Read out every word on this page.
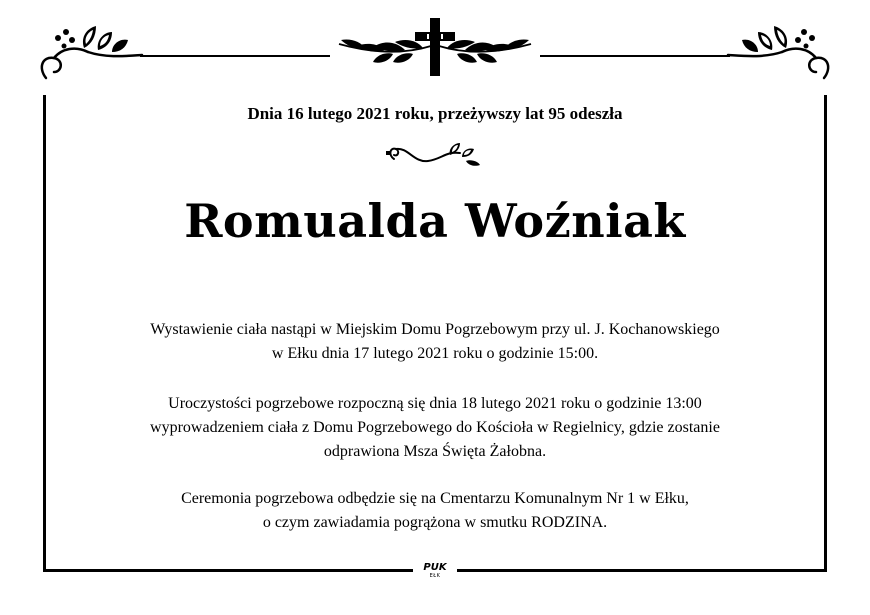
Dnia 16 lutego 2021 roku, przeżywszy lat 95 odeszła
Romualda Woźniak
Wystawienie ciała nastąpi w Miejskim Domu Pogrzebowym przy ul. J. Kochanowskiego
w Ełku dnia 17 lutego 2021 roku o godzinie 15:00.
Uroczystości pogrzebowe rozpoczną się dnia 18 lutego 2021 roku o godzinie 13:00
wyprowadzeniem ciała z Domu Pogrzebowego do Kościoła w Regielnicy, gdzie zostanie
odprawiona Msza Święta Żałobna.
Ceremonia pogrzebowa odbędzie się na Cmentarzu Komunalnym Nr 1 w Ełku,
o czym zawiadamia pogrążona w smutku RODZINA.
PUK
EŁK
